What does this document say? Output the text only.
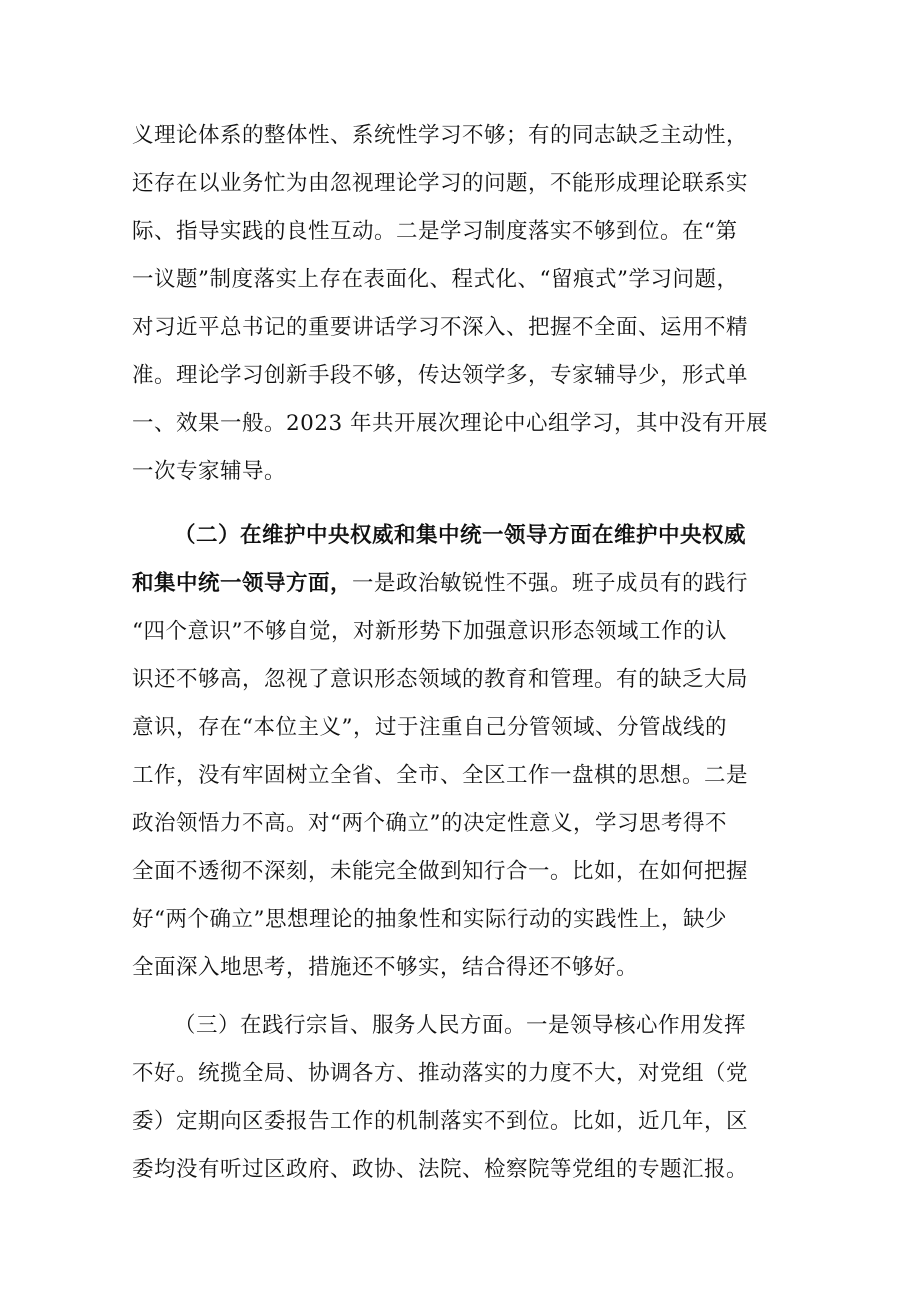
义理论体系的整体性、系统性学习不够；有的同志缺乏主动性，
还存在以业务忙为由忽视理论学习的问题，不能形成理论联系实
际、指导实践的良性互动。二是学习制度落实不够到位。在“第
一议题”制度落实上存在表面化、程式化、“留痕式”学习问题，
对习近平总书记的重要讲话学习不深入、把握不全面、运用不精
准。理论学习创新手段不够，传达领学多，专家辅导少，形式单
一、效果一般。2023 年共开展次理论中心组学习，其中没有开展
一次专家辅导。
（二）在维护中央权威和集中统一领导方面在维护中央权威
和集中统一领导方面，一是政治敏锐性不强。班子成员有的践行
“四个意识”不够自觉，对新形势下加强意识形态领域工作的认
识还不够高，忽视了意识形态领域的教育和管理。有的缺乏大局
意识，存在“本位主义”，过于注重自己分管领域、分管战线的
工作，没有牢固树立全省、全市、全区工作一盘棋的思想。二是
政治领悟力不高。对“两个确立”的决定性意义，学习思考得不
全面不透彻不深刻，未能完全做到知行合一。比如，在如何把握
好“两个确立”思想理论的抽象性和实际行动的实践性上，缺少
全面深入地思考，措施还不够实，结合得还不够好。
（三）在践行宗旨、服务人民方面。一是领导核心作用发挥
不好。统揽全局、协调各方、推动落实的力度不大，对党组（党
委）定期向区委报告工作的机制落实不到位。比如，近几年，区
委均没有听过区政府、政协、法院、检察院等党组的专题汇报。
